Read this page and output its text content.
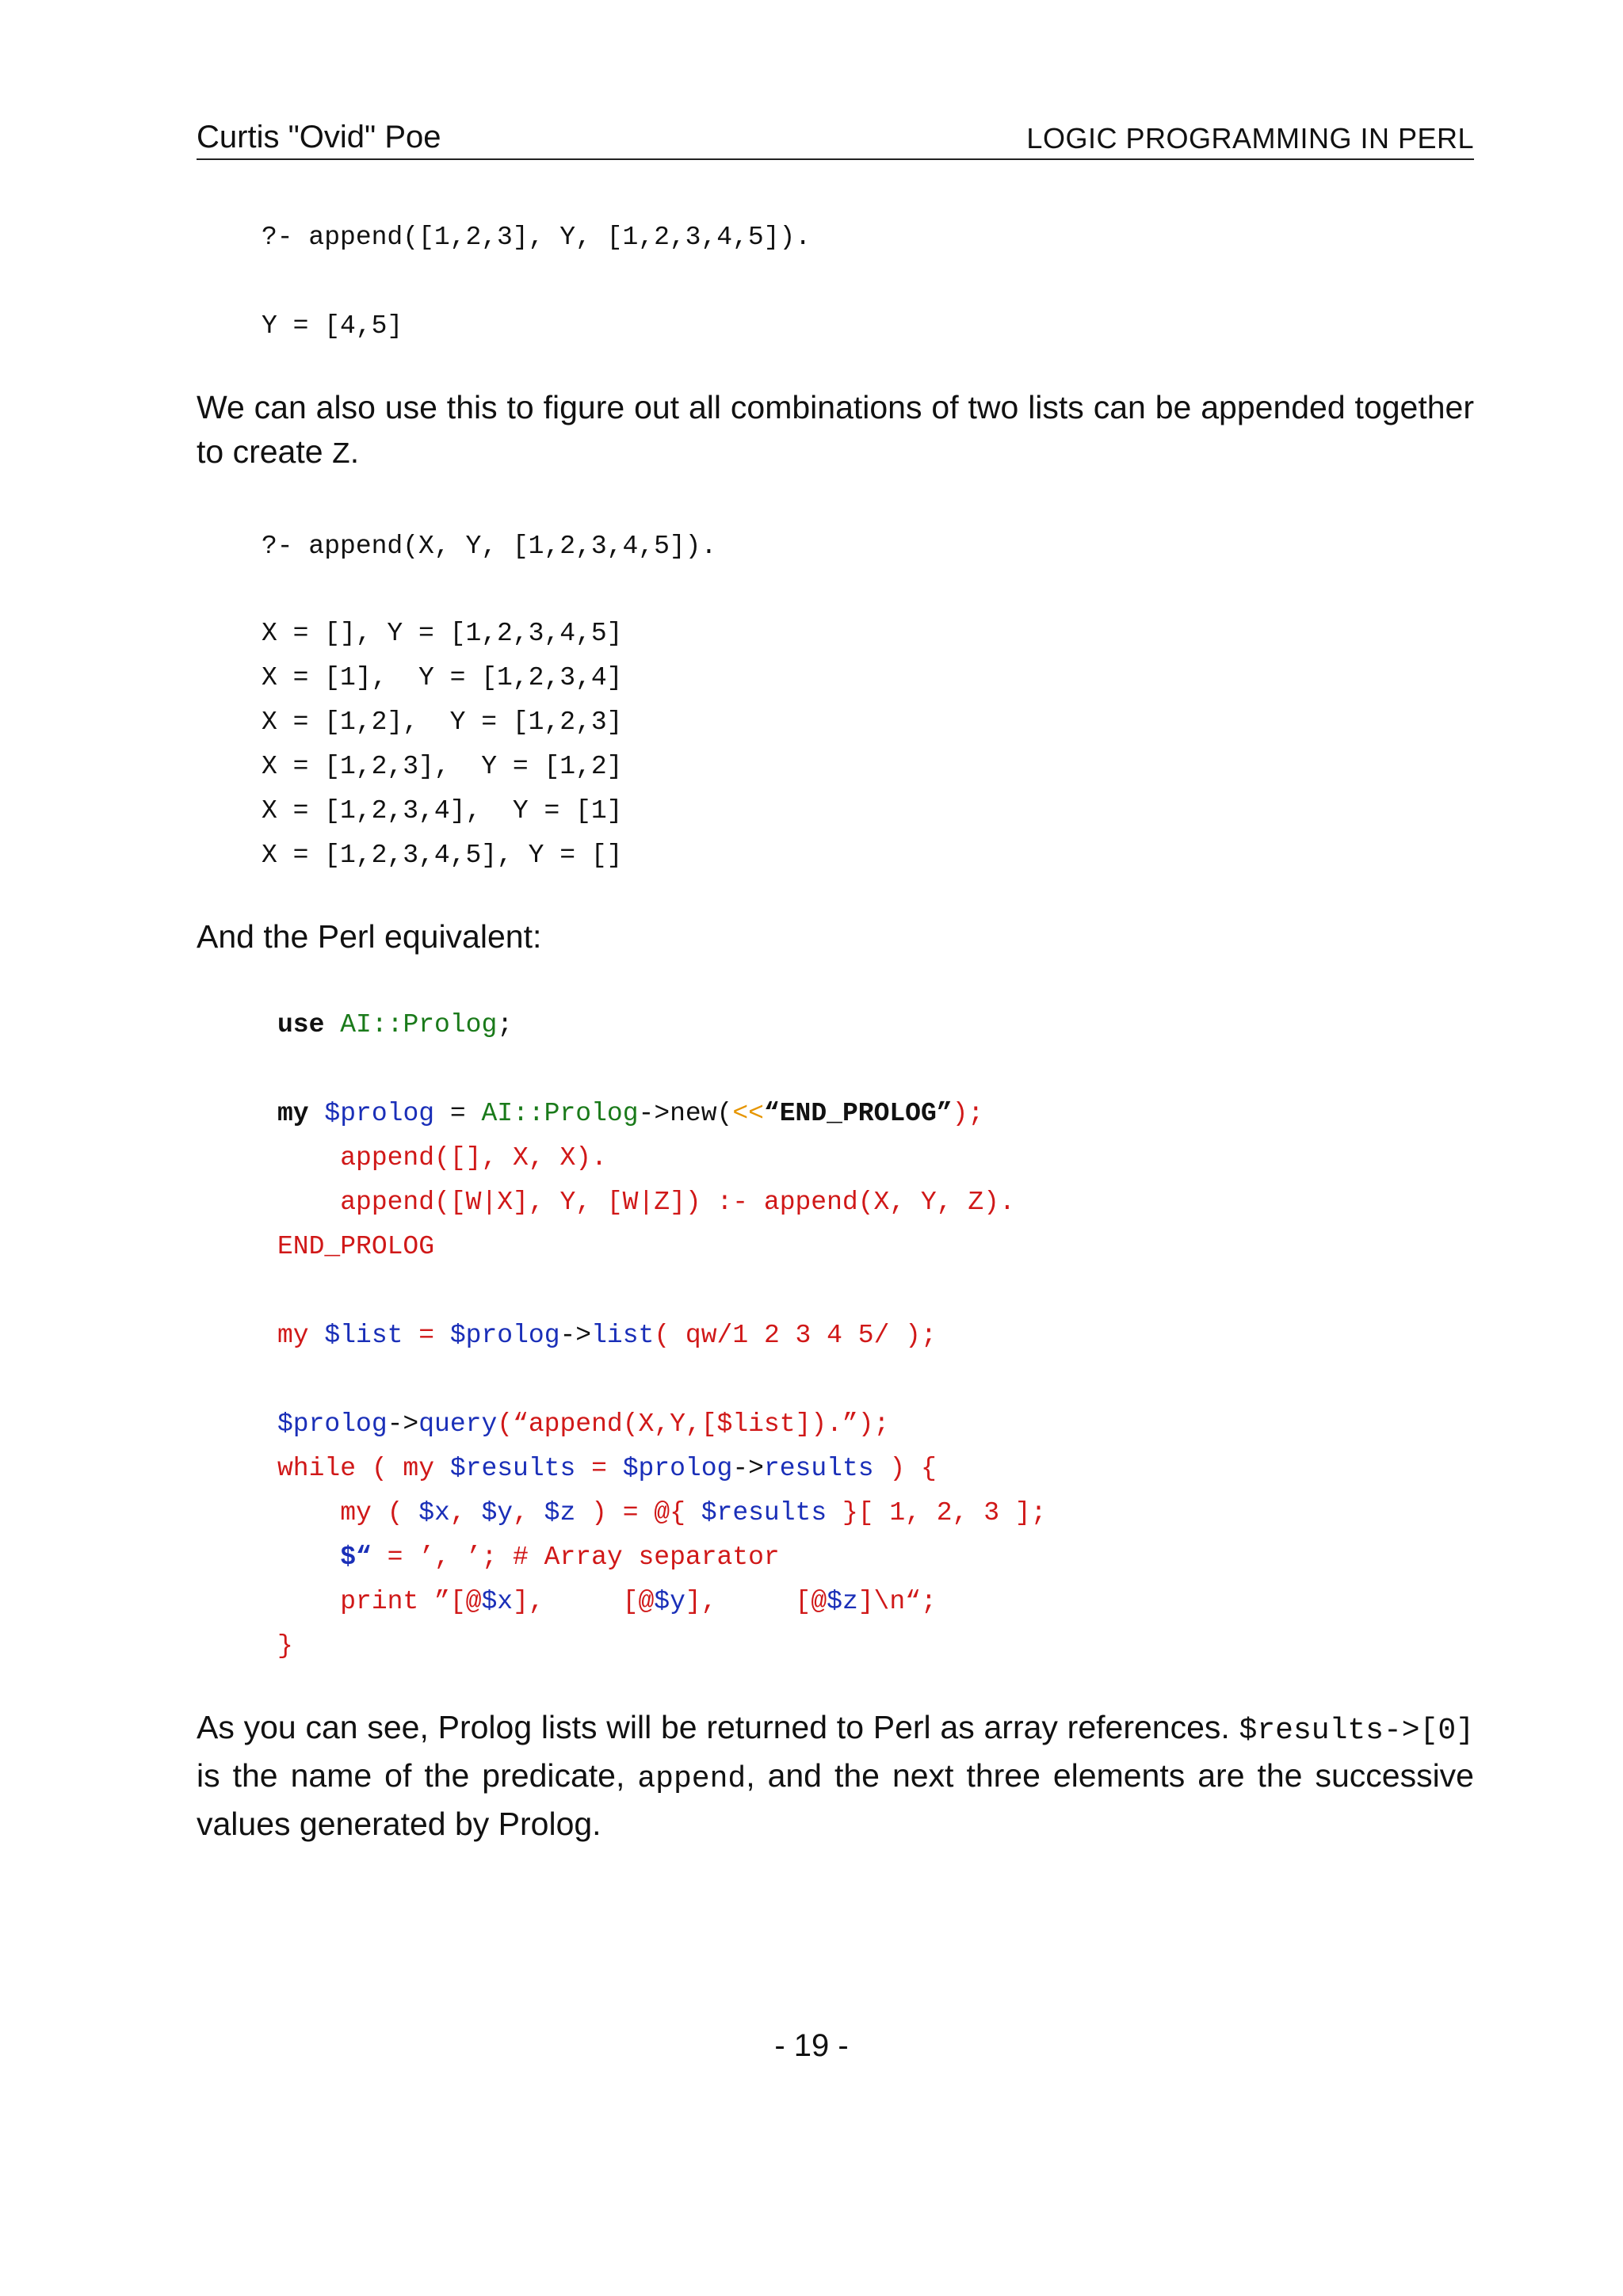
Curtis "Ovid" Poe	LOGIC PROGRAMMING IN PERL
?- append([1,2,3], Y, [1,2,3,4,5]).
Y = [4,5]
We can also use this to figure out all combinations of two lists can be appended together to create Z.
?- append(X, Y, [1,2,3,4,5]).
X = [], Y = [1,2,3,4,5]
X = [1],  Y = [1,2,3,4]
X = [1,2],  Y = [1,2,3]
X = [1,2,3],  Y = [1,2]
X = [1,2,3,4],  Y = [1]
X = [1,2,3,4,5], Y = []
And the Perl equivalent:
use AI::Prolog;
my $prolog = AI::Prolog->new(<<“END_PROLOG”);
append([], X, X).
append([W|X], Y, [W|Z]) :- append(X, Y, Z).
END_PROLOG
my $list = $prolog->list( qw/1 2 3 4 5/ );
$prolog->query(“append(X,Y,[$list]).”);
while ( my $results = $prolog->results ) {
my ( $x, $y, $z ) = @{ $results }[ 1, 2, 3 ];
$“ = ’, ’; # Array separator
print ”[@$x],     [@$y],     [@$z]\n“;
}
As you can see, Prolog lists will be returned to Perl as array references. $results->[0] is the name of the predicate, append, and the next three elements are the successive values generated by Prolog.
- 19 -
